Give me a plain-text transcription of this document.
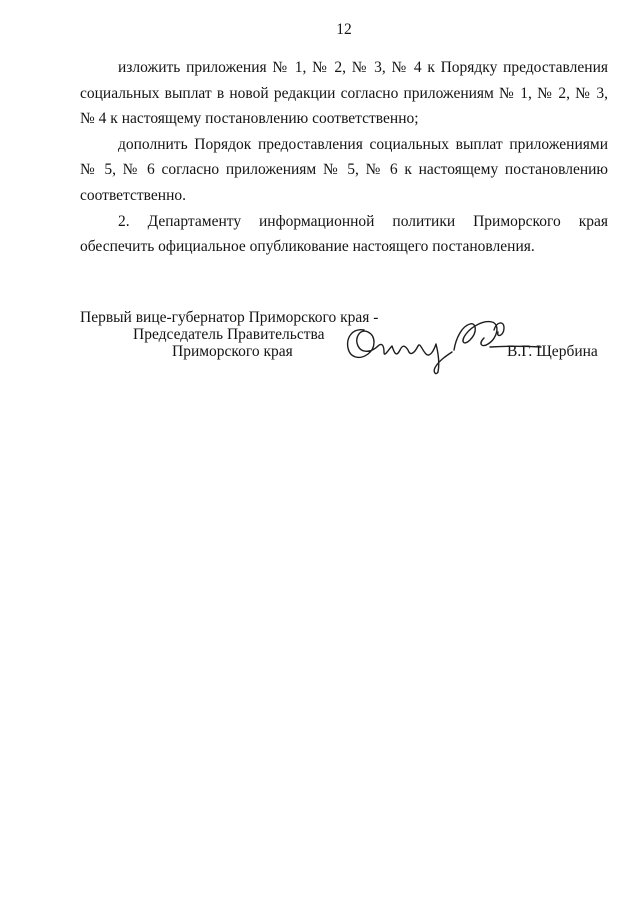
12
изложить приложения № 1, № 2, № 3, № 4 к Порядку предоставления
социальных выплат в новой редакции согласно приложениям № 1, № 2, № 3,
№ 4 к настоящему постановлению соответственно;
дополнить Порядок предоставления социальных выплат приложениями
№ 5, № 6 согласно приложениям № 5, № 6 к настоящему постановлению
соответственно.
2. Департаменту информационной политики Приморского края
обеспечить официальное опубликование настоящего постановления.
Первый вице-губернатор Приморского края -
Председатель Правительства
Приморского края	В.Г. Щербина
